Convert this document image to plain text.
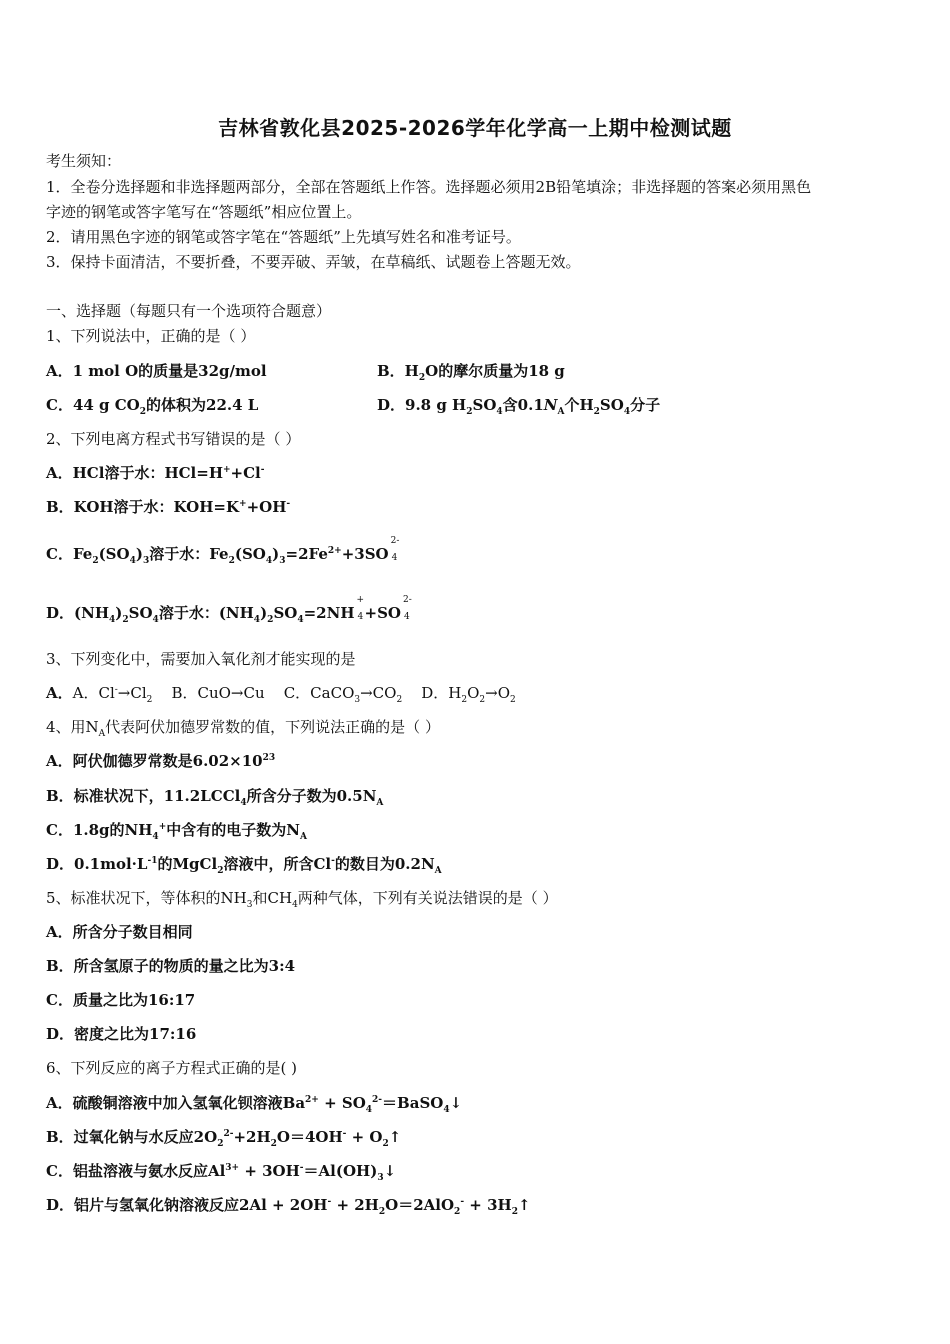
吉林省敦化县2025-2026学年化学高一上期中检测试题
考生须知：
1．全卷分选择题和非选择题两部分，全部在答题纸上作答。选择题必须用2B铅笔填涂；非选择题的答案必须用黑色
字迹的钢笔或答字笔写在“答题纸”相应位置上。
2．请用黑色字迹的钢笔或答字笔在“答题纸”上先填写姓名和准考证号。
3．保持卡面清洁，不要折叠，不要弄破、弄皱，在草稿纸、试题卷上答题无效。
一、选择题（每题只有一个选项符合题意）
1、下列说法中，正确的是（ ）
A．1 mol O的质量是32g/mol	B．$H_2O$的摩尔质量为18 g
C．44 g $CO_2$的体积为22.4 L	D．9.8 g $H_2SO_4$含$0.1N_A$个$H_2SO_4$分子
2、下列电离方程式书写错误的是（ ）
A．HCl溶于水：HCl=H++Cl-
B．KOH溶于水：KOH=K++OH-
C．$Fe_2(SO_4)_3$溶于水：$Fe_2(SO_4)_3=2Fe^{2+}+3SO$
2-
4
D．$(NH_4)_2SO_4$溶于水：$(NH_4)_2SO_4=2NH$
+
4 +SO
2-
4
3、下列变化中，需要加入氧化剂才能实现的是
A．A．$Cl^-\to Cl_2$ B．CuO→Cu C．$CaCO_3\to CO_2$ D．$H_2O_2\to O_2$
4、用$N_A$代表阿伏加德罗常数的值，下列说法正确的是（ ）
A．阿伏伽德罗常数是$6.02\times 10^{23}$
B．标准状况下，11.2LCCl$_4$所含分子数为$0.5N_A$
C．1.8g的$NH_4^+$中含有的电子数为$N_A$
D．$0.1mol\cdot L^{-1}$的MgCl$_2$溶液中，所含Cl-的数目为$0.2N_A$
5、标准状况下，等体积的$NH_3$和$CH_4$两种气体，下列有关说法错误的是（ ）
A．所含分子数目相同
B．所含氢原子的物质的量之比为3:4
C．质量之比为16:17
D．密度之比为17:16
6、下列反应的离子方程式正确的是( )
A．硫酸铜溶液中加入氢氧化钡溶液$Ba^{2+}$ + $SO_4^{2-}=BaSO_4↓$
B．过氧化钠与水反应$2O_2^{2-}+2H_2O=4OH^-$ + $O_2↑$
C．铝盐溶液与氨水反应$Al^{3+}$ + $3OH^-=Al(OH)_3↓$
D．铝片与氢氧化钠溶液反应$2Al + 2OH^- + 2H_2O=2AlO_2^-$ + $3H_2↑$
